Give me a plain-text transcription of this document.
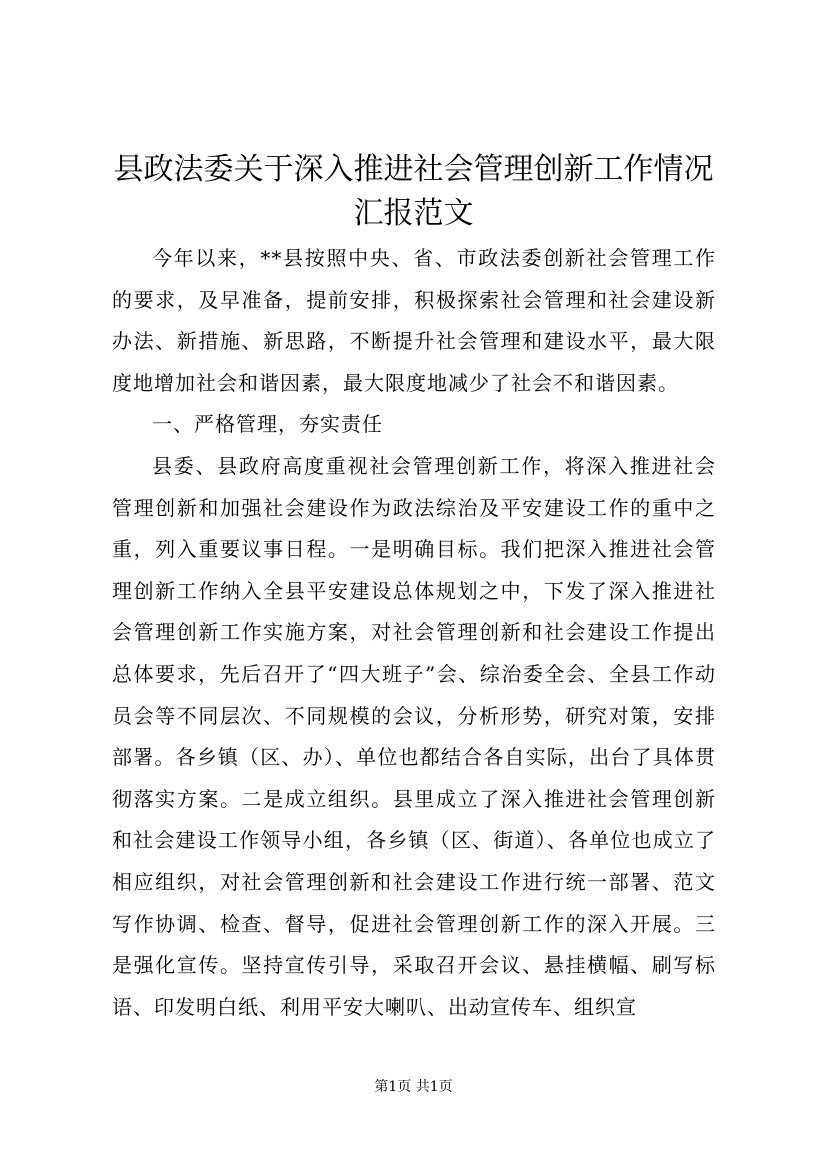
县政法委关于深入推进社会管理创新工作情况
汇报范文

今年以来，**县按照中央、省、市政法委创新社会管理工作的要求，及早准备，提前安排，积极探索社会管理和社会建设新办法、新措施、新思路，不断提升社会管理和建设水平，最大限度地增加社会和谐因素，最大限度地减少了社会不和谐因素。

一、严格管理，夯实责任

县委、县政府高度重视社会管理创新工作，将深入推进社会管理创新和加强社会建设作为政法综治及平安建设工作的重中之重，列入重要议事日程。一是明确目标。我们把深入推进社会管理创新工作纳入全县平安建设总体规划之中，下发了深入推进社会管理创新工作实施方案，对社会管理创新和社会建设工作提出总体要求，先后召开了“四大班子”会、综治委全会、全县工作动员会等不同层次、不同规模的会议，分析形势，研究对策，安排部署。各乡镇（区、办）、单位也都结合各自实际，出台了具体贯彻落实方案。二是成立组织。县里成立了深入推进社会管理创新和社会建设工作领导小组，各乡镇（区、街道）、各单位也成立了相应组织，对社会管理创新和社会建设工作进行统一部署、范文写作协调、检查、督导，促进社会管理创新工作的深入开展。三是强化宣传。坚持宣传引导，采取召开会议、悬挂横幅、刷写标语、印发明白纸、利用平安大喇叭、出动宣传车、组织宣

第1页 共1页
